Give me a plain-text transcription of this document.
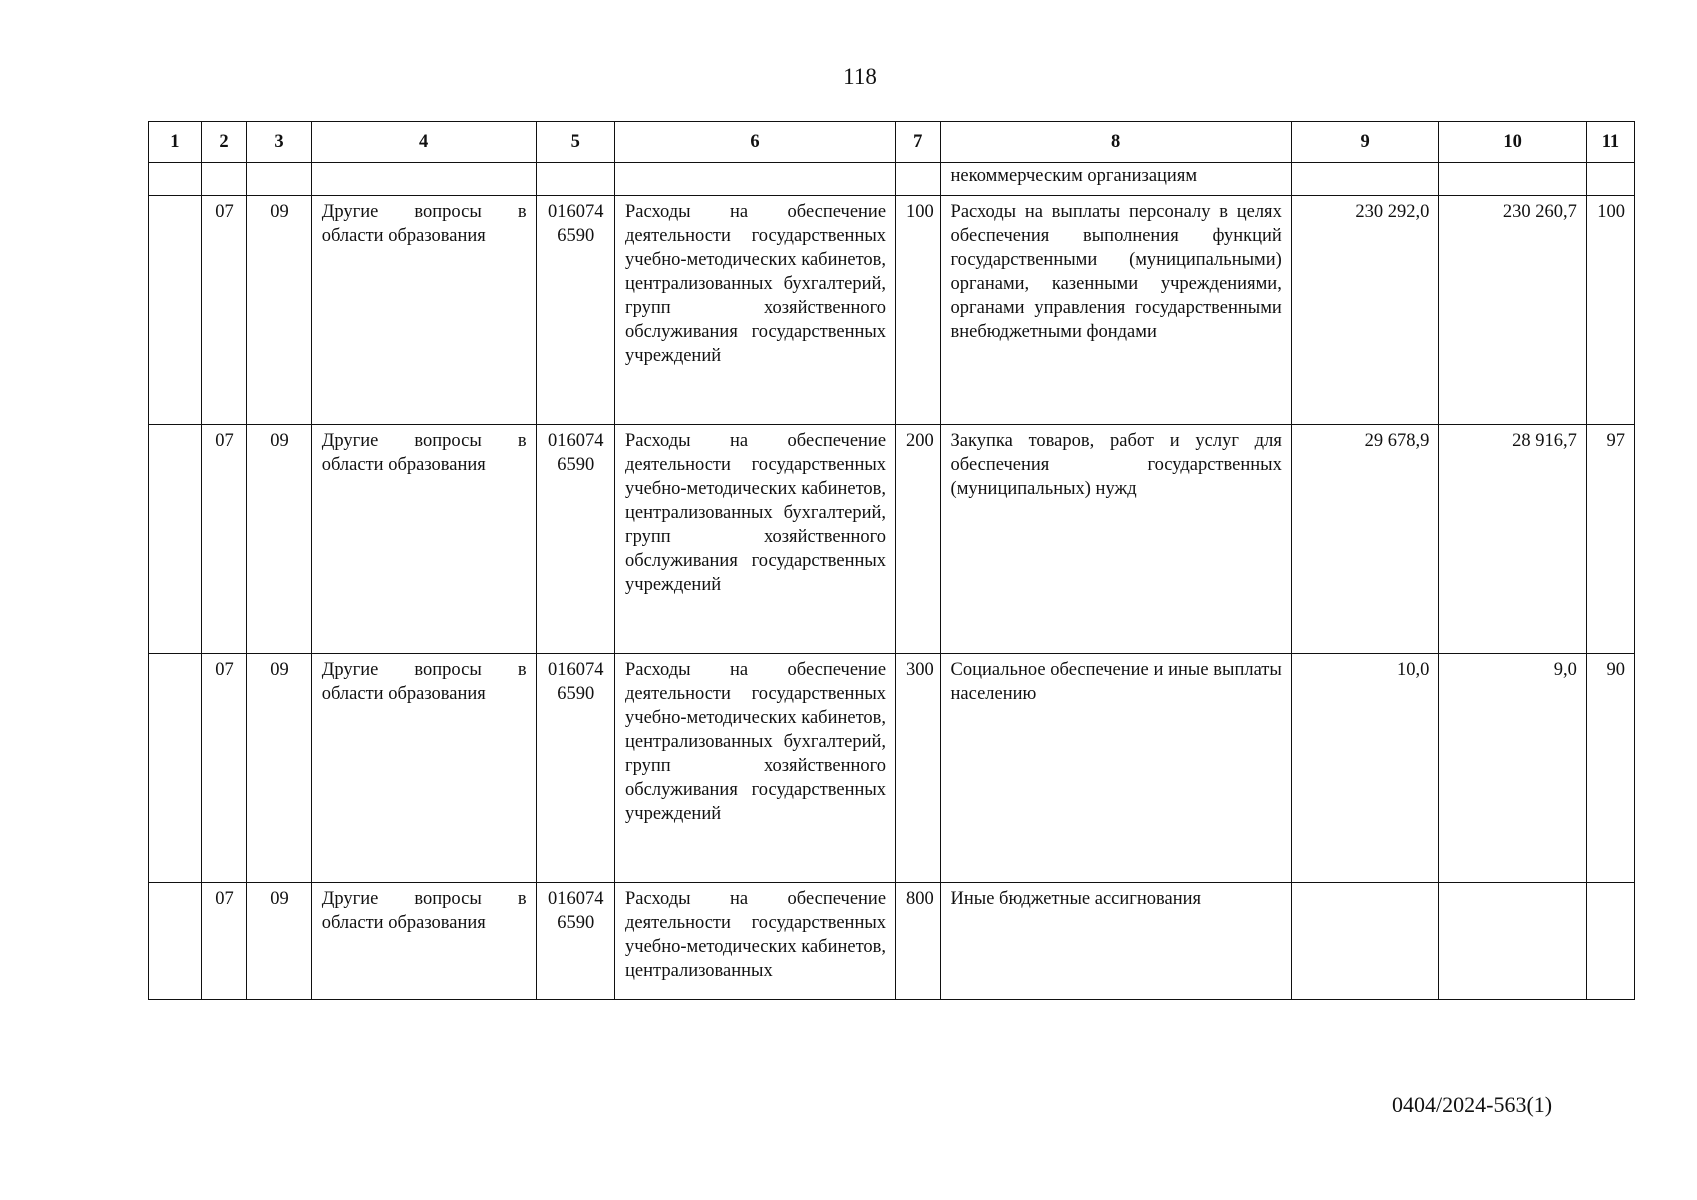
118
1	2	3	4	5	6	7	8	9	10	11
							некоммерческим организациям			
	07	09	Другие вопросы в области образования	016074 6590	Расходы на обеспечение деятельности государственных учебно-методических кабинетов, централизованных бухгалтерий, групп хозяйственного обслуживания государственных учреждений	100	Расходы на выплаты персоналу в целях обеспечения выполнения функций государственными (муниципальными) органами, казенными учреждениями, органами управления государственными внебюджетными фондами	230 292,0	230 260,7	100
	07	09	Другие вопросы в области образования	016074 6590	Расходы на обеспечение деятельности государственных учебно-методических кабинетов, централизованных бухгалтерий, групп хозяйственного обслуживания государственных учреждений	200	Закупка товаров, работ и услуг для обеспечения государственных (муниципальных) нужд	29 678,9	28 916,7	97
	07	09	Другие вопросы в области образования	016074 6590	Расходы на обеспечение деятельности государственных учебно-методических кабинетов, централизованных бухгалтерий, групп хозяйственного обслуживания государственных учреждений	300	Социальное обеспечение и иные выплаты населению	10,0	9,0	90
	07	09	Другие вопросы в области образования	016074 6590	Расходы на обеспечение деятельности государственных учебно-методических кабинетов, централизованных	800	Иные бюджетные ассигнования			
0404/2024-563(1)
